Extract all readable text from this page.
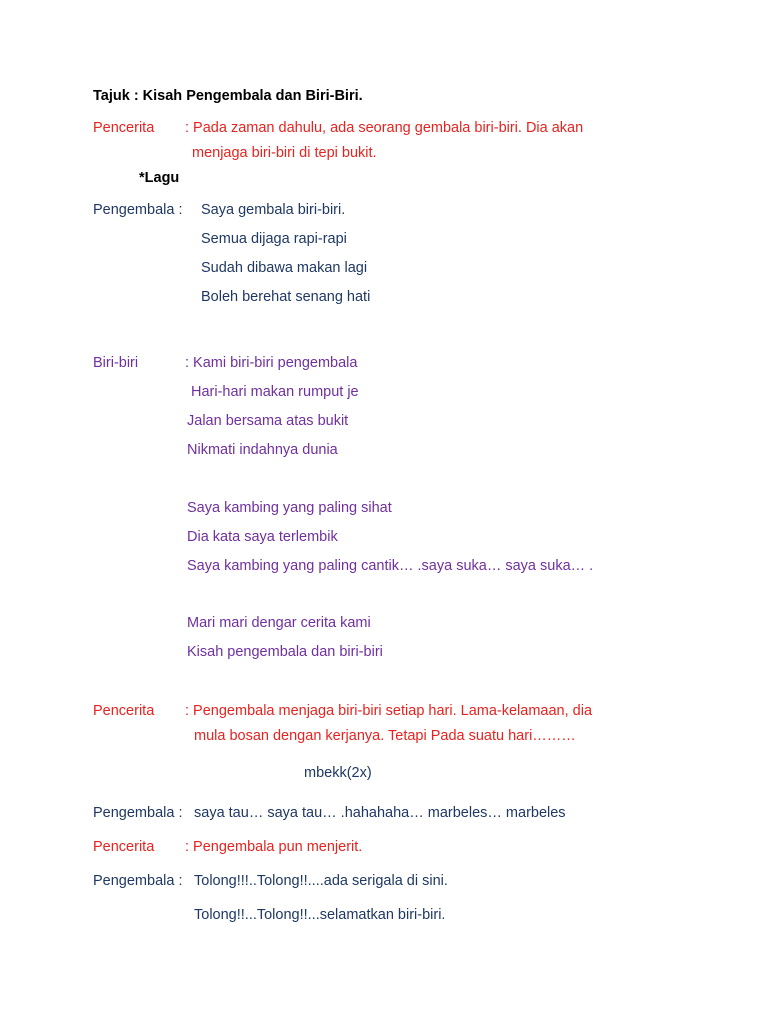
Tajuk : Kisah Pengembala dan Biri-Biri.
Pencerita : Pada zaman dahulu, ada seorang gembala biri-biri. Dia akan
menjaga biri-biri di tepi bukit.
*Lagu
Pengembala : Saya gembala biri-biri.
Semua dijaga rapi-rapi
Sudah dibawa makan lagi
Boleh berehat senang hati
Biri-biri	: Kami biri-biri pengembala
Hari-hari makan rumput je
Jalan bersama atas bukit
Nikmati indahnya dunia
Saya kambing yang paling sihat
Dia kata saya terlembik
Saya kambing yang paling cantik… .saya suka… saya suka… .
Mari mari dengar cerita kami
Kisah pengembala dan biri-biri
Pencerita : Pengembala menjaga biri-biri setiap hari. Lama-kelamaan, dia
mula bosan dengan kerjanya. Tetapi Pada suatu hari………
mbekk(2x)
Pengembala : saya tau… saya tau… .hahahaha… marbeles… marbeles
Pencerita : Pengembala pun menjerit.
Pengembala : Tolong!!!..Tolong!!....ada serigala di sini.
Tolong!!...Tolong!!...selamatkan biri-biri.
